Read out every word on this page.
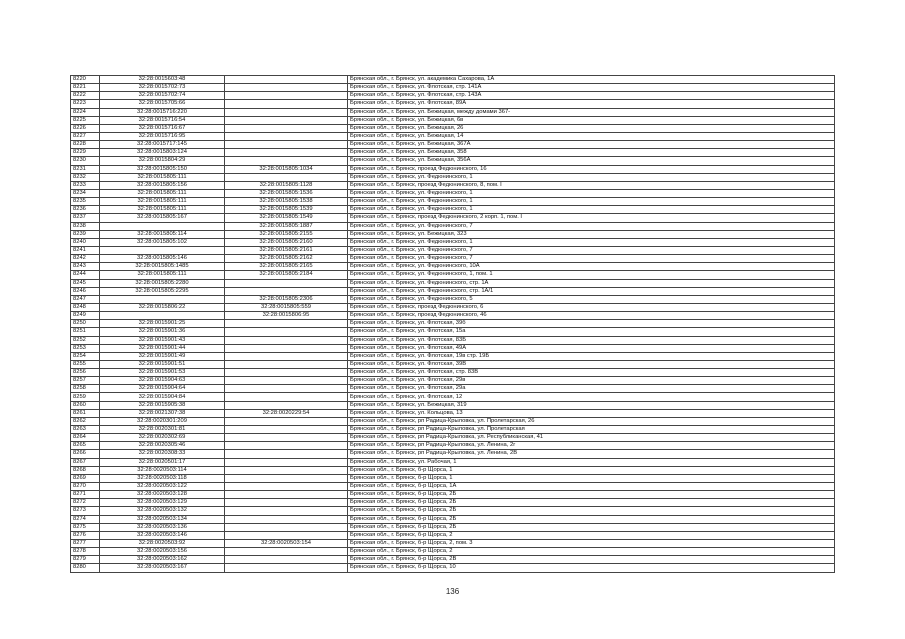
8220	32:28:0015603:48		Брянская обл., г. Брянск, ул. академика Сахарова, 1А
8221	32:28:0015702:73		Брянская обл., г. Брянск, ул. Флотская, стр. 141А
8222	32:28:0015702:74		Брянская обл., г. Брянск, ул. Флотская, стр. 143А
8223	32:28:0015705:66		Брянская обл., г. Брянск, ул. Флотская, 89А
8224	32:28:0015716:220		Брянская обл., г. Брянск, ул. Бежицкая, между домами 367-
8225	32:28:0015716:54		Брянская обл., г. Брянск, ул. Бежицкая, 6в
8226	32:28:0015716:67		Брянская обл., г. Брянск, ул. Бежицкая, 26
8227	32:28:0015716:95		Брянская обл., г. Брянск, ул. Бежицкая, 14
8228	32:28:0015717:145		Брянская обл., г. Брянск, ул. Бежицкая, 367А
8229	32:28:0015803:124		Брянская обл., г. Брянск, ул. Бежицкая, 358
8230	32:28:0015804:29		Брянская обл., г. Брянск, ул. Бежицкая, 356А
8231	32:28:0015805:150	32:28:0015805:1034	Брянская обл., г. Брянск, проезд Федюнинского, 16
8232	32:28:0015805:111		Брянская обл., г. Брянск, ул. Федюнинского, 1
8233	32:28:0015805:156	32:28:0015805:1128	Брянская обл., г. Брянск, проезд Федюнинского, 8, пом. I
8234	32:28:0015805:111	32:28:0015805:1536	Брянская обл., г. Брянск, ул. Федюнинского, 1
8235	32:28:0015805:111	32:28:0015805:1538	Брянская обл., г. Брянск, ул. Федюнинского, 1
8236	32:28:0015805:111	32:28:0015805:1539	Брянская обл., г. Брянск, ул. Федюнинского, 1
8237	32:28:0015805:167	32:28:0015805:1549	Брянская обл., г. Брянск, проезд Федюнинского, 2 корп. 1, пом. I
8238		32:28:0015805:1887	Брянская обл., г. Брянск, ул. Федюнинского, 7
8239	32:28:0015805:114	32:28:0015805:2155	Брянская обл., г. Брянск, ул. Бежицкая, 323
8240	32:28:0015805:102	32:28:0015805:2160	Брянская обл., г. Брянск, ул. Федюнинского, 1
8241		32:28:0015805:2161	Брянская обл., г. Брянск, ул. Федюнинского, 7
8242	32:28:0015805:146	32:28:0015805:2162	Брянская обл., г. Брянск, ул. Федюнинского, 7
8243	32:28:0015805:1485	32:28:0015805:2165	Брянская обл., г. Брянск, ул. Федюнинского, 10А
8244	32:28:0015805:111	32:28:0015805:2184	Брянская обл., г. Брянск, ул. Федюнинского, 1, пом. 1
8245	32:28:0015805:2280		Брянская обл., г. Брянск, ул. Федюнинского, стр. 1А
8246	32:28:0015805:2295		Брянская обл., г. Брянск, ул. Федюнинского, стр. 1А/1
8247		32:28:0015805:2306	Брянская обл., г. Брянск, ул. Федюнинского, 5
8248	32:28:0015806:22	32:28:0015805:559	Брянская обл., г. Брянск, проезд Федюнинского, 6
8249		32:28:0015806:95	Брянская обл., г. Брянск, проезд Федюнинского, 46
8250	32:28:0015901:25		Брянская обл., г. Брянск, ул. Флотская, 39б
8251	32:28:0015901:36		Брянская обл., г. Брянск, ул. Флотская, 15а
8252	32:28:0015901:43		Брянская обл., г. Брянск, ул. Флотская, 83Б
8253	32:28:0015901:44		Брянская обл., г. Брянск, ул. Флотская, 49А
8254	32:28:0015901:49		Брянская обл., г. Брянск, ул. Флотская, 19в стр. 19Б
8255	32:28:0015901:51		Брянская обл., г. Брянск, ул. Флотская, 39В
8256	32:28:0015901:53		Брянская обл., г. Брянск, ул. Флотская, стр. 83В
8257	32:28:0015904:63		Брянская обл., г. Брянск, ул. Флотская, 29в
8258	32:28:0015904:64		Брянская обл., г. Брянск, ул. Флотская, 29а
8259	32:28:0015904:84		Брянская обл., г. Брянск, ул. Флотская, 12
8260	32:28:0015905:38		Брянская обл., г. Брянск, ул. Бежицкая, 319
8261	32:28:0021307:38	32:28:0020229:54	Брянская обл., г. Брянск, ул. Кольцова, 13
8262	32:28:0020301:209		Брянская обл., г. Брянск, рп Радица-Крыловка, ул. Пролетарская, 26
8263	32:28:0020301:81		Брянская обл., г. Брянск, рп Радица-Крыловка, ул. Пролетарская
8264	32:28:0020302:69		Брянская обл., г. Брянск, рп Радица-Крыловка, ул. Республиканская, 41
8265	32:28:0020305:46		Брянская обл., г. Брянск, рп Радица-Крыловка, ул. Ленина, 2г
8266	32:28:0020308:33		Брянская обл., г. Брянск, рп Радица-Крыловка, ул. Ленина, 2В
8267	32:28:0020501:17		Брянская обл., г. Брянск, ул. Рабочая, 1
8268	32:28:0020503:114		Брянская обл., г. Брянск, б-р Щорса, 1
8269	32:28:0020503:118		Брянская обл., г. Брянск, б-р Щорса, 1
8270	32:28:0020503:122		Брянская обл., г. Брянск, б-р Щорса, 1А
8271	32:28:0020503:128		Брянская обл., г. Брянск, б-р Щорса, 2Б
8272	32:28:0020503:129		Брянская обл., г. Брянск, б-р Щорса, 2Б
8273	32:28:0020503:132		Брянская обл., г. Брянск, б-р Щорса, 2Б
8274	32:28:0020503:134		Брянская обл., г. Брянск, б-р Щорса, 2Б
8275	32:28:0020503:136		Брянская обл., г. Брянск, б-р Щорса, 2Б
8276	32:28:0020503:146		Брянская обл., г. Брянск, б-р Щорса, 2
8277	32:28:0020503:92	32:28:0020503:154	Брянская обл., г. Брянск, б-р Щорса, 2, пом. 3
8278	32:28:0020503:156		Брянская обл., г. Брянск, б-р Щорса, 2
8279	32:28:0020503:162		Брянская обл., г. Брянск, б-р Щорса, 2В
8280	32:28:0020503:167		Брянская обл., г. Брянск, б-р Щорса, 10
136
